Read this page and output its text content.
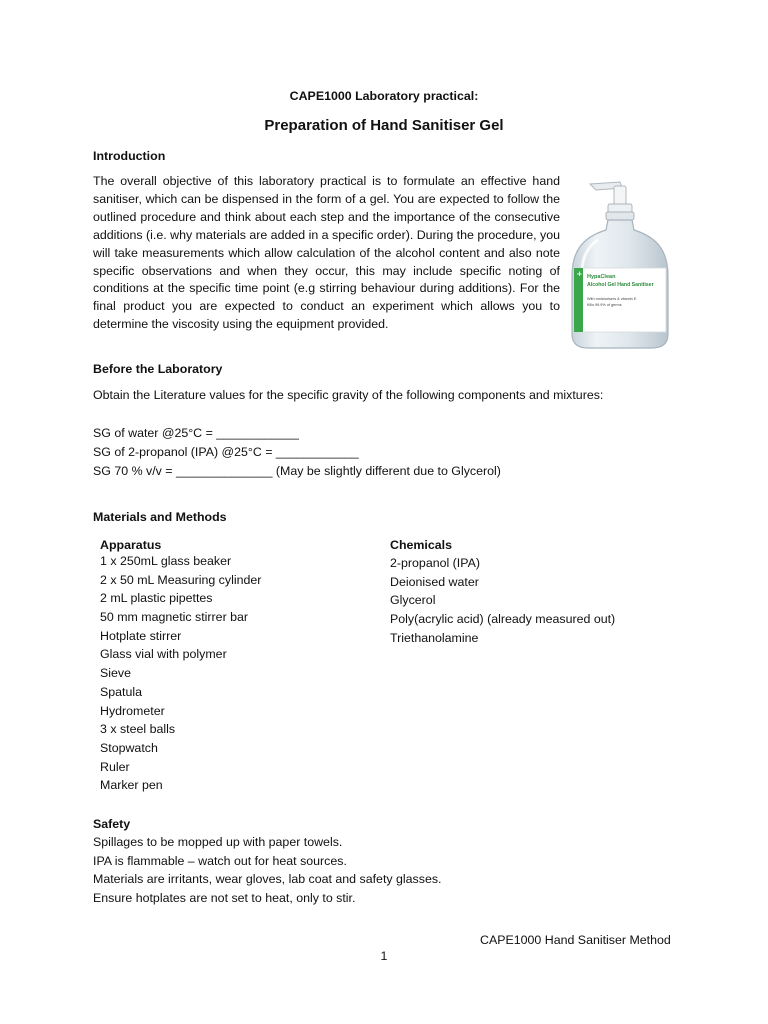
CAPE1000 Laboratory practical:
Preparation of Hand Sanitiser Gel
Introduction
The overall objective of this laboratory practical is to formulate an effective hand sanitiser, which can be dispensed in the form of a gel. You are expected to follow the outlined procedure and think about each step and the importance of the consecutive additions (i.e. why materials are added in a specific order). During the procedure, you will take measurements which allow calculation of the alcohol content and also note specific observations and when they occur, this may include specific noting of conditions at the specific time point (e.g stirring behaviour during additions). For the final product you are expected to conduct an experiment which allows you to determine the viscosity using the equipment provided.
+ HypaClean
Alcohol Gel Hand Sanitiser
With moisturisers & vitamin E
Kills 99.9% of germs
Before the Laboratory
Obtain the Literature values for the specific gravity of the following components and mixtures:
SG of water @25°C = ____________
SG of 2-propanol (IPA) @25°C = ____________
SG 70 % v/v = ______________ (May be slightly different due to Glycerol)
Materials and Methods
Apparatus
1 x 250mL glass beaker
2 x 50 mL Measuring cylinder
2 mL plastic pipettes
50 mm magnetic stirrer bar
Hotplate stirrer
Glass vial with polymer
Sieve
Spatula
Hydrometer
3 x steel balls
Stopwatch
Ruler
Marker pen
Chemicals
2-propanol (IPA)
Deionised water
Glycerol
Poly(acrylic acid) (already measured out)
Triethanolamine
Safety
Spillages to be mopped up with paper towels.
IPA is flammable – watch out for heat sources.
Materials are irritants, wear gloves, lab coat and safety glasses.
Ensure hotplates are not set to heat, only to stir.
CAPE1000 Hand Sanitiser Method
1
